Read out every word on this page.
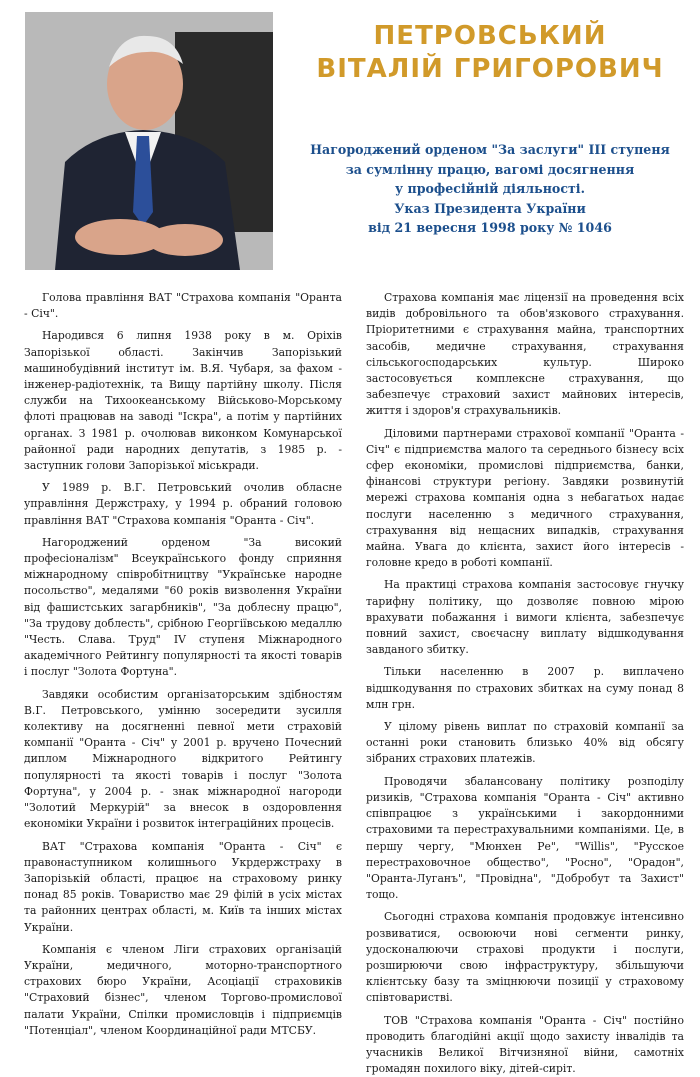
ПЕТРОВСЬКИЙ
ВІТАЛІЙ ГРИГОРОВИЧ
Нагороджений орденом "За заслуги" ІІІ ступеня
за сумлінну працю, вагомі досягнення
у професійній діяльності.
Указ Президента України
від 21 вересня 1998 року № 1046

Голова правління ВАТ "Страхова компанія "Оранта - Січ".

Народився 6 липня 1938 року в м. Оріхів Запорізької області. Закінчив Запорізький машинобудівний інститут ім. В.Я. Чубаря, за фахом - інженер-радіотехнік, та Вищу партійну школу. Після служби на Тихоокеанському Військово-Морському флоті працював на заводі "Іскра", а потім у партійних органах. З 1981 р. очолював виконком Комунарської районної ради народних депутатів, з 1985 р. - заступник голови Запорізької міськради.

У 1989 р. В.Г. Петровський очолив обласне управління Держстраху, у 1994 р. обраний головою правління ВАТ "Страхова компанія "Оранта - Січ".

Нагороджений орденом "За високий професіоналізм" Всеукраїнського фонду сприяння міжнародному співробітництву "Українське народне посольство", медалями "60 років визволення України від фашистських загарбників", "За доблесну працю", "За трудову доблесть", срібною Георгіївською медаллю "Честь. Слава. Труд" IV ступеня Міжнародного академічного Рейтингу популярності та якості товарів і послуг "Золота Фортуна".

Завдяки особистим організаторським здібностям В.Г. Петровського, умінню зосередити зусилля колективу на досягненні певної мети страховій компанії "Оранта - Січ" у 2001 р. вручено Почесний диплом Міжнародного відкритого Рейтингу популярності та якості товарів і послуг "Золота Фортуна", у 2004 р. - знак міжнародної нагороди "Золотий Меркурій" за внесок в оздоровлення економіки України і розвиток інтеграційних процесів.

ВАТ "Страхова компанія "Оранта - Січ" є правонаступником колишнього Укрдержстраху в Запорізькій області, працює на страховому ринку понад 85 років. Товариство має 29 філій в усіх містах та районних центрах області, м. Київ та інших містах України.

Компанія є членом Ліги страхових організацій України, медичного, моторно-транспортного страхових бюро України, Асоціації страховиків "Страховий бізнес", членом Торгово-промислової палати України, Спілки промисловців і підприємців "Потенціал", членом Координаційної ради МТСБУ.

Страхова компанія має ліцензії на проведення всіх видів добровільного та обов'язкового страхування. Пріоритетними є страхування майна, транспортних засобів, медичне страхування, страхування сільськогосподарських культур. Широко застосовується комплексне страхування, що забезпечує страховий захист майнових інтересів, життя і здоров'я страхувальників.

Діловими партнерами страхової компанії "Оранта - Січ" є підприємства малого та середнього бізнесу всіх сфер економіки, промислові підприємства, банки, фінансові структури регіону. Завдяки розвинутій мережі страхова компанія одна з небагатьох надає послуги населенню з медичного страхування, страхування від нещасних випадків, страхування майна. Увага до клієнта, захист його інтересів - головне кредо в роботі компанії.

На практиці страхова компанія застосовує гнучку тарифну політику, що дозволяє повною мірою врахувати побажання і вимоги клієнта, забезпечує повний захист, своєчасну виплату відшкодування завданого збитку.

Тільки населенню в 2007 р. виплачено відшкодування по страхових збитках на суму понад 8 млн грн.

У цілому рівень виплат по страховій компанії за останні роки становить близько 40% від обсягу зібраних страхових платежів.

Проводячи збалансовану політику розподілу ризиків, "Страхова компанія "Оранта - Січ" активно співпрацює з українськими і закордонними страховими та перестрахувальними компаніями. Це, в першу чергу, "Мюнхен Ре", "Willis", "Русское перестраховочное общество", "Росно", "Орадон", "Оранта-Луганъ", "Провідна", "Добробут та Захист" тощо.

Сьогодні страхова компанія продовжує інтенсивно розвиватися, освоюючи нові сегменти ринку, удосконалюючи страхові продукти і послуги, розширюючи свою інфраструктуру, збільшуючи клієнтську базу та зміцнюючи позиції у страховому співтоваристві.

ТОВ "Страхова компанія "Оранта - Січ" постійно проводить благодійні акції щодо захисту інвалідів та учасників Великої Вітчизняної війни, самотніх громадян похилого віку, дітей-сиріт.
